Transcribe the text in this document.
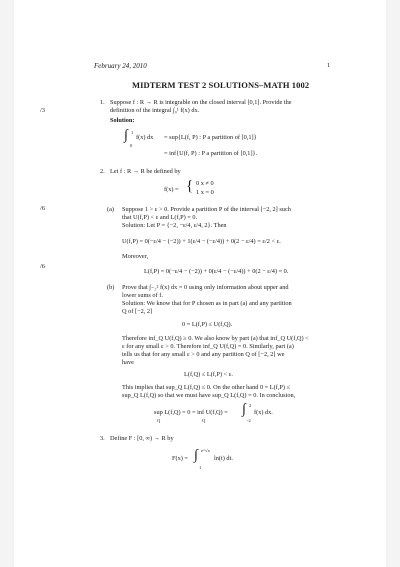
February 24, 2010	1
MIDTERM TEST 2 SOLUTIONS–MATH 1002
/3
/6
/6
1. Suppose f : R → R is integrable on the closed interval [0,1]. Provide the
definition of the integral ∫₀¹ f(x) dx.
Solution:
∫ 1
0
f(x) dx = sup{L(f, P) : P a partition of [0,1]}
= inf{U(f, P) : P a partition of [0,1]}.
2. Let f : R → R be defined by
f(x) = { 0 x ≠ 0
1 x = 0
(a) Suppose 1 > ε > 0. Provide a partition P of the interval [−2, 2] such
that U(f,P) < ε and L(f,P) = 0.
Solution: Let P = {−2, −ε/4, ε/4, 2}. Then
U(f,P) = 0(−ε/4 − (−2)) + 1(ε/4 − (−ε/4)) + 0(2 − ε/4) = ε/2 < ε.
Moreover,
L(f,P) = 0(−ε/4 − (−2)) + 0(ε/4 − (−ε/4)) + 0(2 − ε/4) = 0.
(b) Prove that ∫₋₂² f(x) dx = 0 using only information about upper and
lower sums of f.
Solution: We know that for P chosen as in part (a) and any partition
Q of [−2, 2]
0 = L(f,P) ≤ U(f,Q).
Therefore inf_Q U(f,Q) ≥ 0. We also know by part (a) that inf_Q U(f,Q) <
ε for any small ε > 0. Therefore inf_Q U(f,Q) = 0. Similarly, part (a)
tells us that for any small ε > 0 and any partition Q of [−2, 2] we
have
L(f,Q) ≤ L(f,P) < ε.
This implies that sup_Q L(f,Q) ≤ 0. On the other hand 0 = L(f,P) ≤
sup_Q L(f,Q) so that we must have sup_Q L(f,Q) = 0. In conclusion,
sup L(f,Q) = 0 = inf U(f,Q) =
Q	Q
∫ 2
−2
f(x) dx.
3. Define F : [0, ∞) → R by
F(x) = ∫ e^√x
1
ln(t) dt.
